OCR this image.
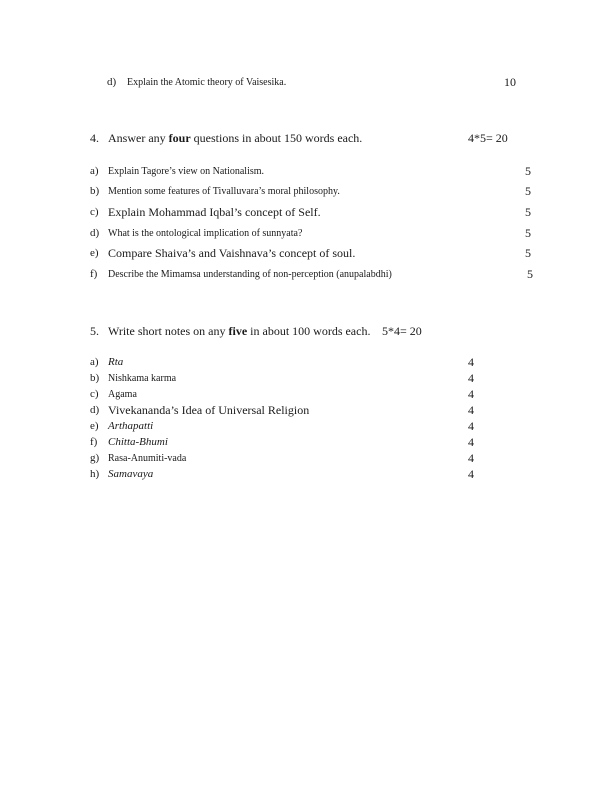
d) Explain the Atomic theory of Vaisesika.	10
4. Answer any four questions in about 150 words each.	4*5= 20
a) Explain Tagore’s view on Nationalism.	5
b) Mention some features of Tivalluvara’s moral philosophy.	5
c) Explain Mohammad Iqbal’s concept of Self.	5
d) What is the ontological implication of sunnyata?	5
e) Compare Shaiva’s and Vaishnava’s concept of soul.	5
f) Describe the Mimamsa understanding of non-perception (anupalabdhi)	5
5. Write short notes on any five in about 100 words each. 5*4= 20
a) Rta	4
b) Nishkama karma	4
c) Agama	4
d) Vivekananda’s Idea of Universal Religion	4
e) Arthapatti	4
f) Chitta-Bhumi	4
g) Rasa-Anumiti-vada	4
h) Samavaya	4
